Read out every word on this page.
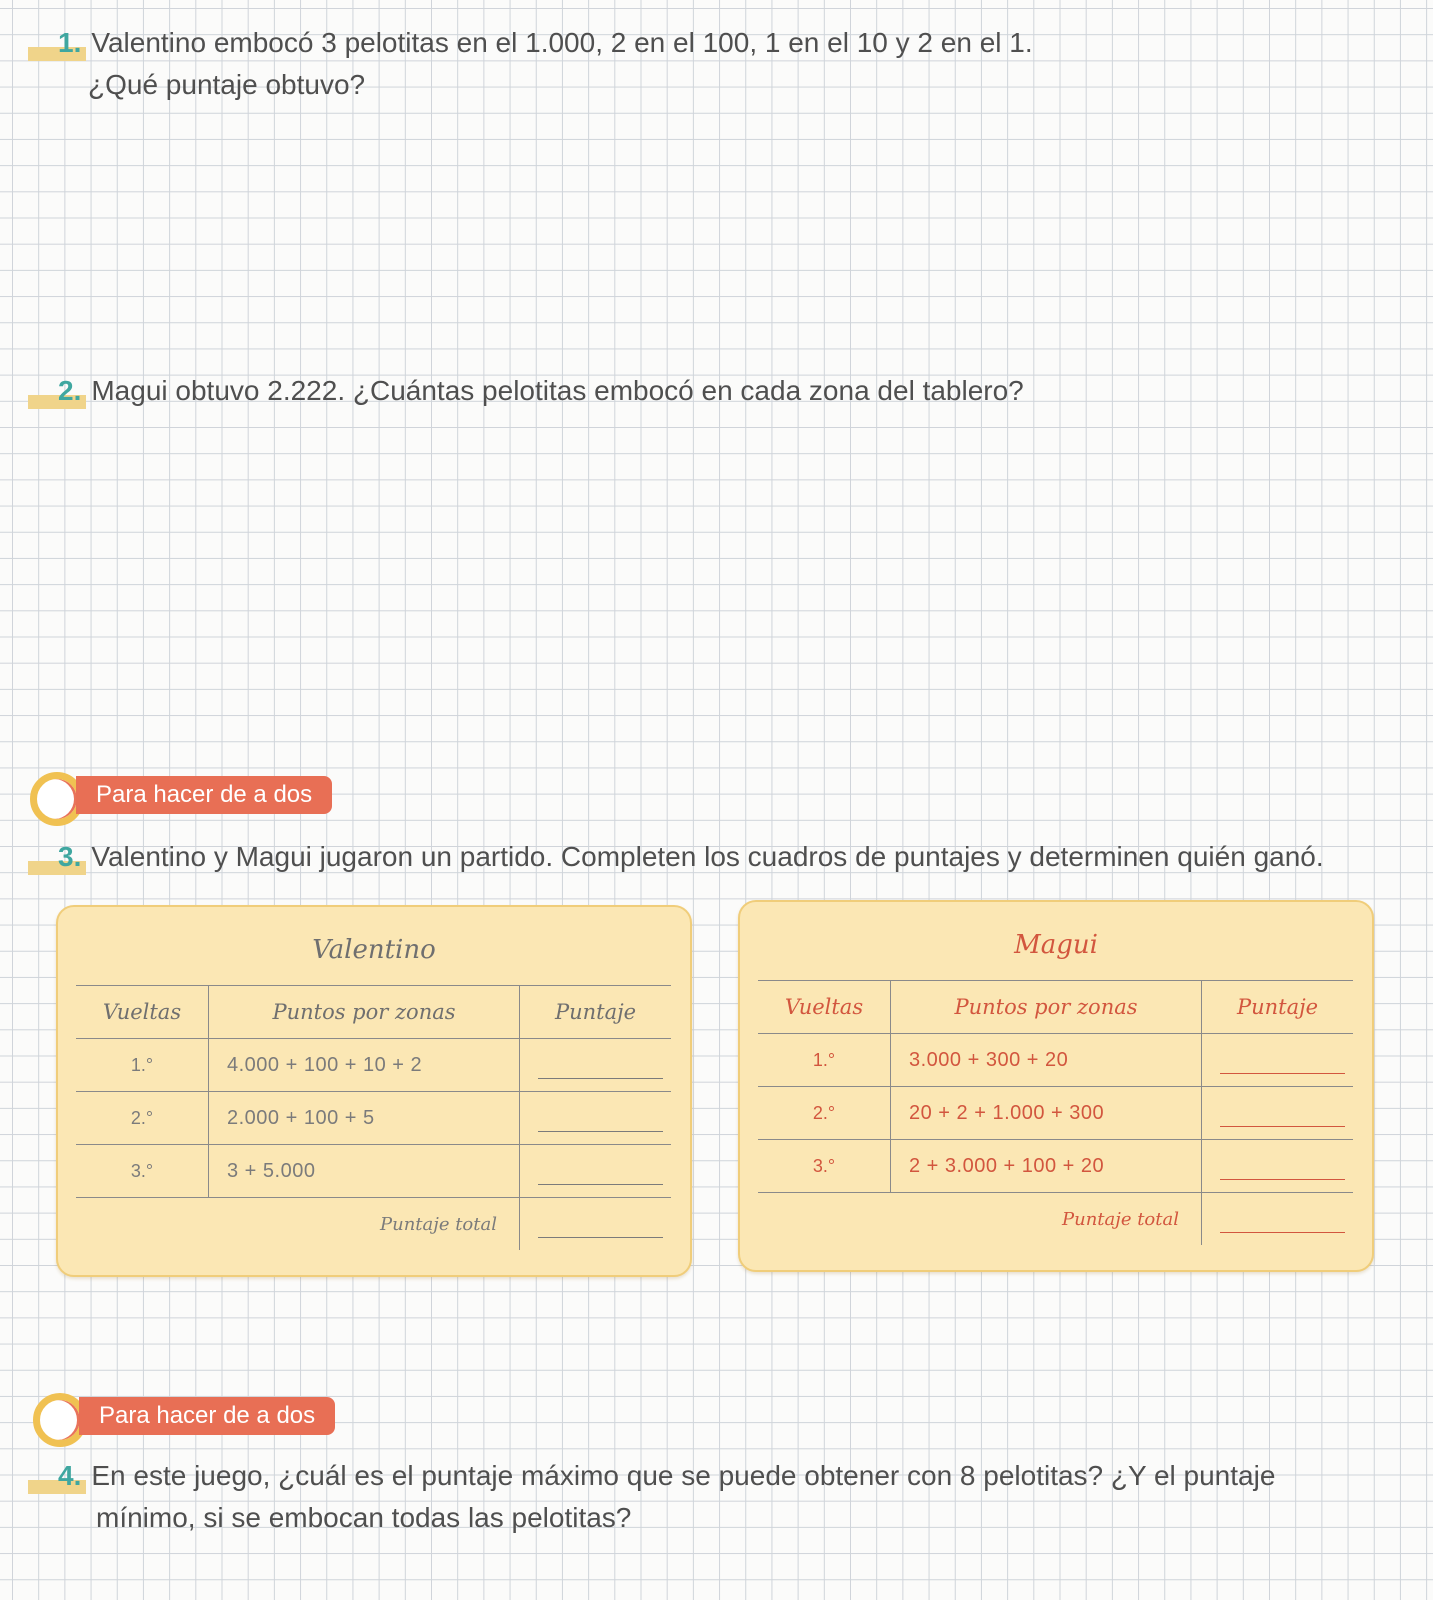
1. Valentino embocó 3 pelotitas en el 1.000, 2 en el 100, 1 en el 10 y 2 en el 1.
¿Qué puntaje obtuvo?
2. Magui obtuvo 2.222. ¿Cuántas pelotitas embocó en cada zona del tablero?
Para hacer de a dos
3. Valentino y Magui jugaron un partido. Completen los cuadros de puntajes y determinen quién ganó.
Valentino
Vueltas	Puntos por zonas	Puntaje
1.°	4.000 + 100 + 10 + 2	

2.°	2.000 + 100 + 5	

3.°	3 + 5.000	

	Puntaje total	
Magui
Vueltas	Puntos por zonas	Puntaje
1.°	3.000 + 300 + 20	

2.°	20 + 2 + 1.000 + 300	

3.°	2 + 3.000 + 100 + 20	

	Puntaje total	
Para hacer de a dos
4. En este juego, ¿cuál es el puntaje máximo que se puede obtener con 8 pelotitas? ¿Y el puntaje
mínimo, si se embocan todas las pelotitas?
